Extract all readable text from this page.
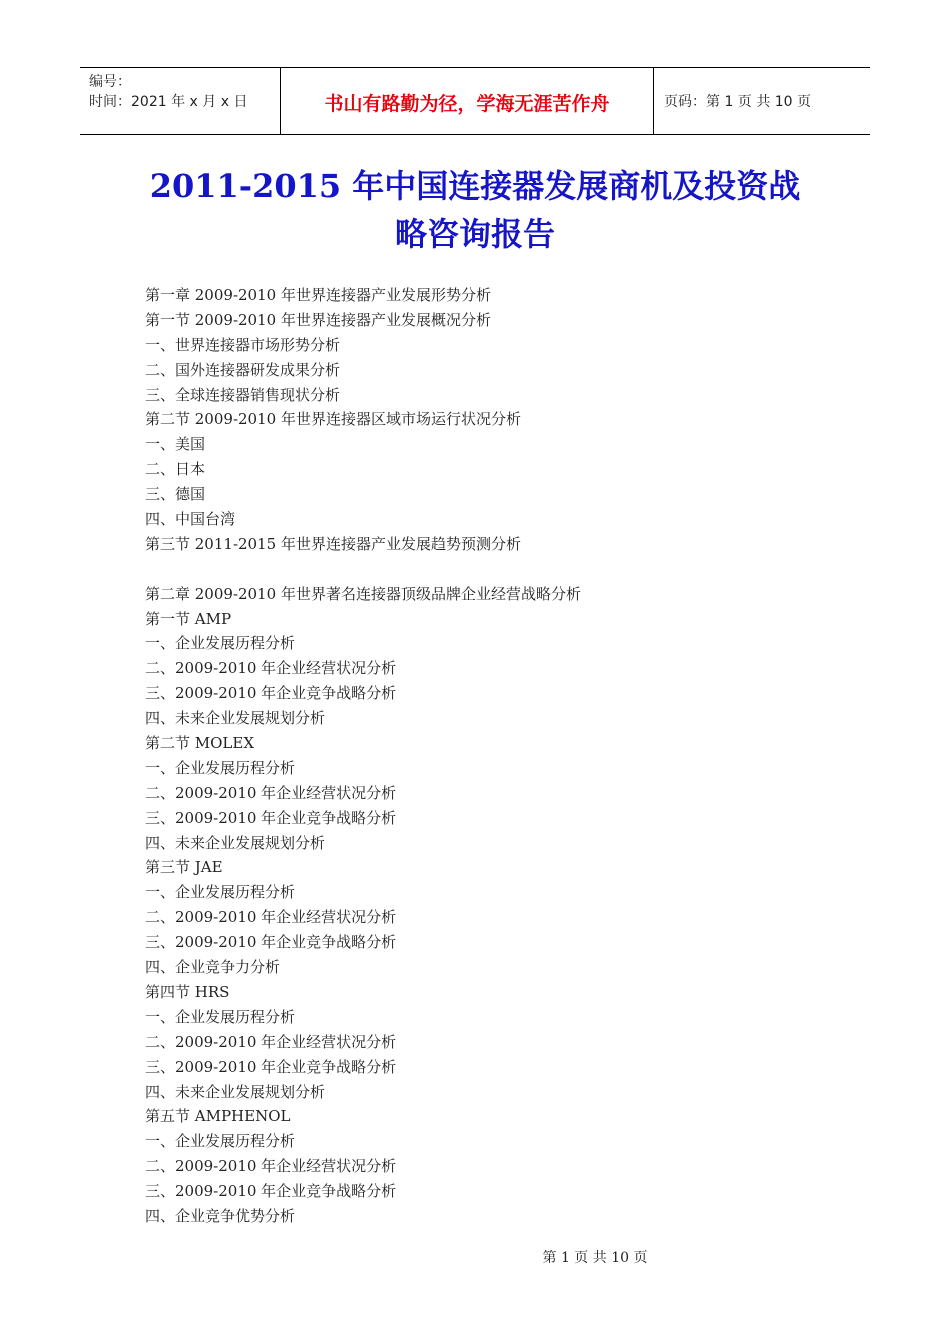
编号：
时间：2021 年 x 月 x 日	书山有路勤为径，学海无涯苦作舟	页码：第 1 页 共 10 页
2011-2015 年中国连接器发展商机及投资战
略咨询报告
第一章 2009-2010 年世界连接器产业发展形势分析
第一节 2009-2010 年世界连接器产业发展概况分析
一、世界连接器市场形势分析
二、国外连接器研发成果分析
三、全球连接器销售现状分析
第二节 2009-2010 年世界连接器区域市场运行状况分析
一、美国
二、日本
三、德国
四、中国台湾
第三节 2011-2015 年世界连接器产业发展趋势预测分析
第二章 2009-2010 年世界著名连接器顶级品牌企业经营战略分析
第一节 AMP
一、企业发展历程分析
二、2009-2010 年企业经营状况分析
三、2009-2010 年企业竞争战略分析
四、未来企业发展规划分析
第二节 MOLEX
一、企业发展历程分析
二、2009-2010 年企业经营状况分析
三、2009-2010 年企业竞争战略分析
四、未来企业发展规划分析
第三节 JAE
一、企业发展历程分析
二、2009-2010 年企业经营状况分析
三、2009-2010 年企业竞争战略分析
四、企业竞争力分析
第四节 HRS
一、企业发展历程分析
二、2009-2010 年企业经营状况分析
三、2009-2010 年企业竞争战略分析
四、未来企业发展规划分析
第五节 AMPHENOL
一、企业发展历程分析
二、2009-2010 年企业经营状况分析
三、2009-2010 年企业竞争战略分析
四、企业竞争优势分析
第 1 页 共 10 页
